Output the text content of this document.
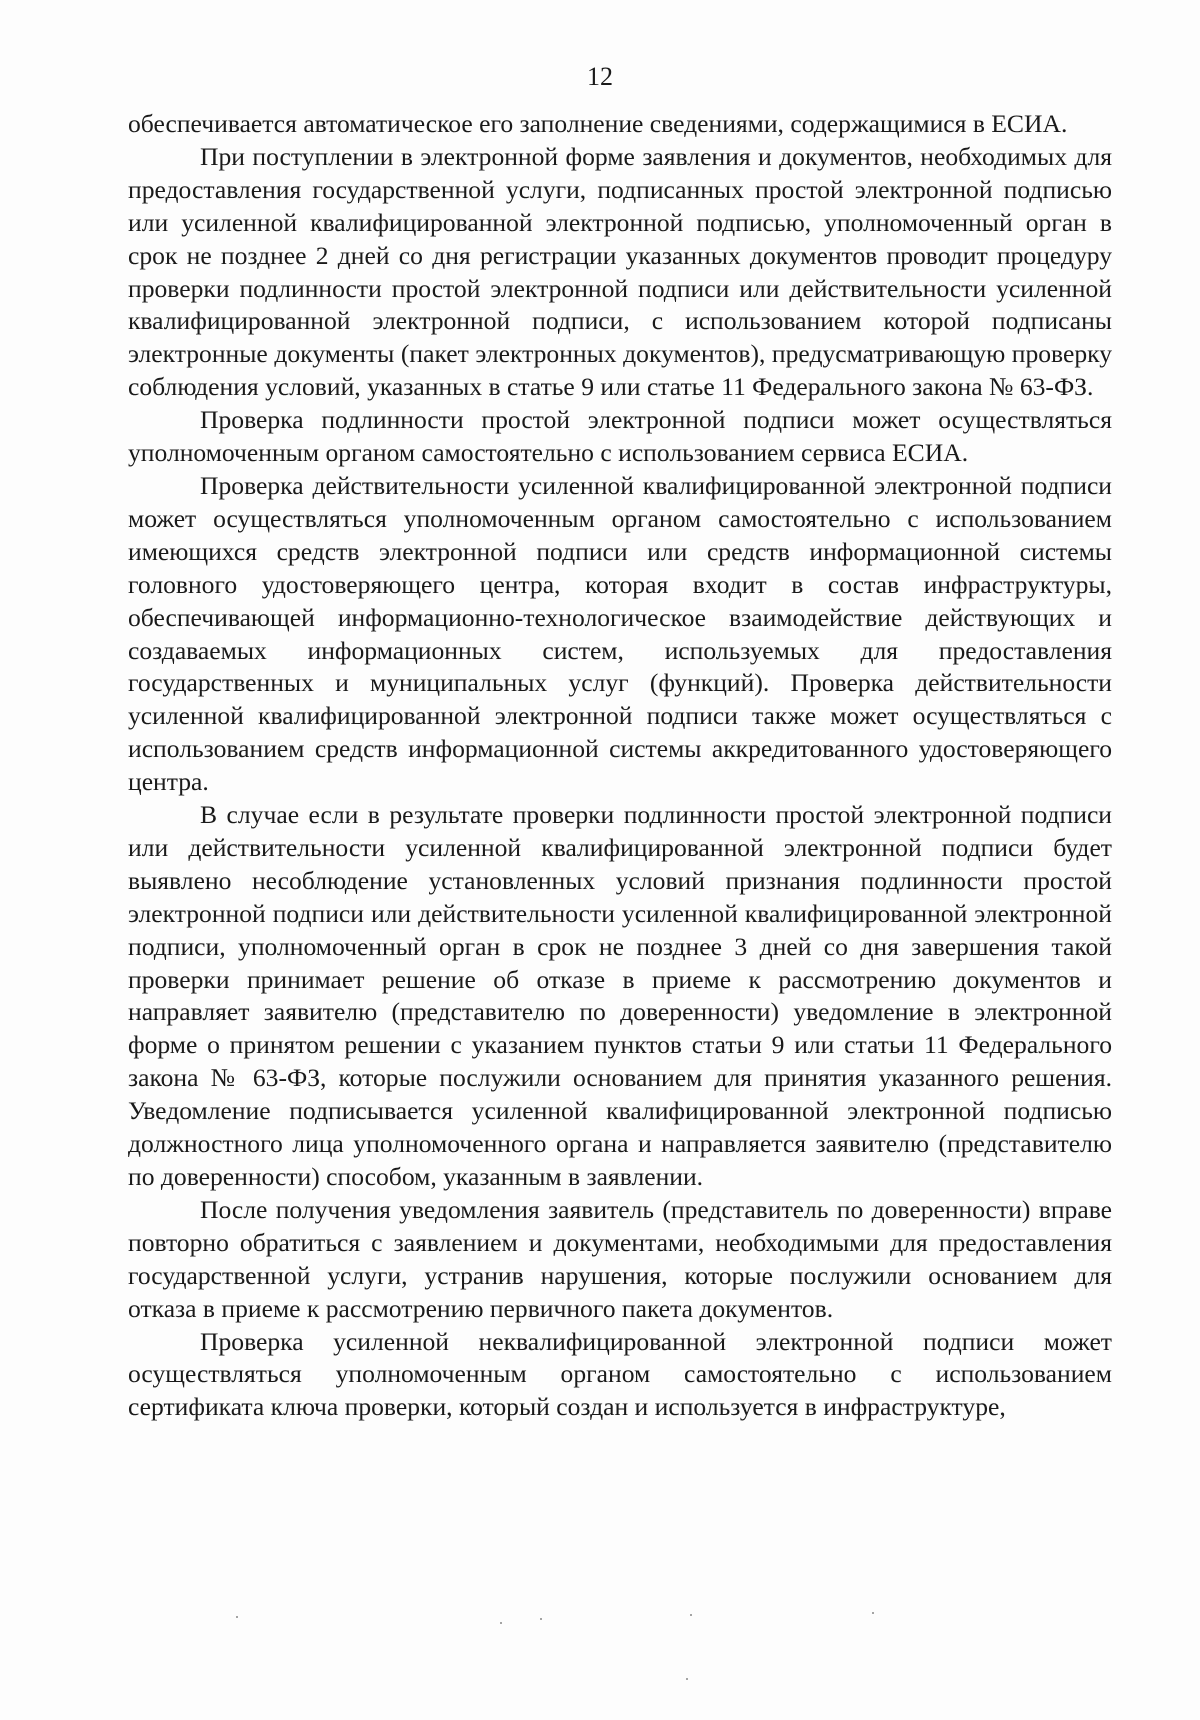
12

обеспечивается автоматическое его заполнение сведениями, содержащимися в ЕСИА.

При поступлении в электронной форме заявления и документов, необходимых для предоставления государственной услуги, подписанных простой электронной подписью или усиленной квалифицированной электронной подписью, уполномоченный орган в срок не позднее 2 дней со дня регистрации указанных документов проводит процедуру проверки подлинности простой электронной подписи или действительности усиленной квалифицированной электронной подписи, с использованием которой подписаны электронные документы (пакет электронных документов), предусматривающую проверку соблюдения условий, указанных в статье 9 или статье 11 Федерального закона № 63-ФЗ.

Проверка подлинности простой электронной подписи может осуществляться уполномоченным органом самостоятельно с использованием сервиса ЕСИА.

Проверка действительности усиленной квалифицированной электронной подписи может осуществляться уполномоченным органом самостоятельно с использованием имеющихся средств электронной подписи или средств информационной системы головного удостоверяющего центра, которая входит в состав инфраструктуры, обеспечивающей информационно-технологическое взаимодействие действующих и создаваемых информационных систем, используемых для предоставления государственных и муниципальных услуг (функций). Проверка действительности усиленной квалифицированной электронной подписи также может осуществляться с использованием средств информационной системы аккредитованного удостоверяющего центра.

В случае если в результате проверки подлинности простой электронной подписи или действительности усиленной квалифицированной электронной подписи будет выявлено несоблюдение установленных условий признания подлинности простой электронной подписи или действительности усиленной квалифицированной электронной подписи, уполномоченный орган в срок не позднее 3 дней со дня завершения такой проверки принимает решение об отказе в приеме к рассмотрению документов и направляет заявителю (представителю по доверенности) уведомление в электронной форме о принятом решении с указанием пунктов статьи 9 или статьи 11 Федерального закона № 63-ФЗ, которые послужили основанием для принятия указанного решения. Уведомление подписывается усиленной квалифицированной электронной подписью должностного лица уполномоченного органа и направляется заявителю (представителю по доверенности) способом, указанным в заявлении.

После получения уведомления заявитель (представитель по доверенности) вправе повторно обратиться с заявлением и документами, необходимыми для предоставления государственной услуги, устранив нарушения, которые послужили основанием для отказа в приеме к рассмотрению первичного пакета документов.

Проверка усиленной неквалифицированной электронной подписи может осуществляться уполномоченным органом самостоятельно с использованием сертификата ключа проверки, который создан и используется в инфраструктуре,
